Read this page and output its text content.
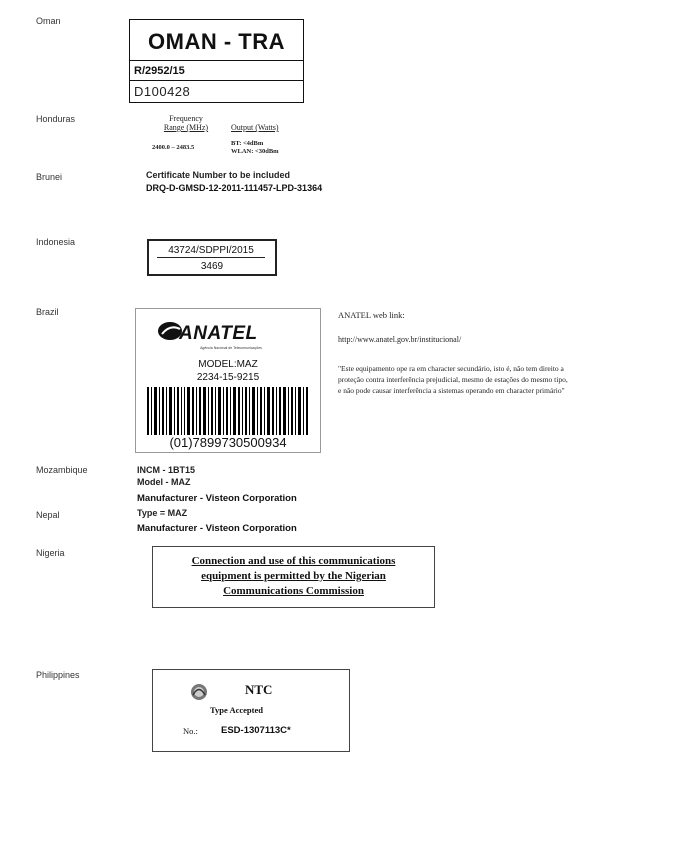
Oman
Honduras
Brunei
Indonesia
Brazil
Mozambique
Nepal
Nigeria
Philippines
OMAN - TRA
R/2952/15
D100428
Frequency
Range (MHz)	Output (Watts)
2400.0 – 2483.5
BT: <4dBm
WLAN: <30dBm
Certificate Number to be included
DRQ-D-GMSD-12-2011-111457-LPD-31364
43724/SDPPI/2015
3469
ANATEL
Agência Nacional de Telecomunicações
MODEL:MAZ
2234-15-9215
(01)7899730500934
ANATEL web link:
http://www.anatel.gov.br/institucional/
"Este equipamento ope ra em character secundário, isto é, não tem direito a
proteção contra interferência prejudicial, mesmo de estações do mesmo tipo,
e não pode causar interferência a sistemas operando em character primário"
INCM - 1BT15
Model - MAZ
Manufacturer - Visteon Corporation
Type = MAZ
Manufacturer - Visteon Corporation
Connection and use of this communications
equipment is permitted by the Nigerian
Communications Commission
NTC
Type Accepted
No.: ESD-1307113C*
